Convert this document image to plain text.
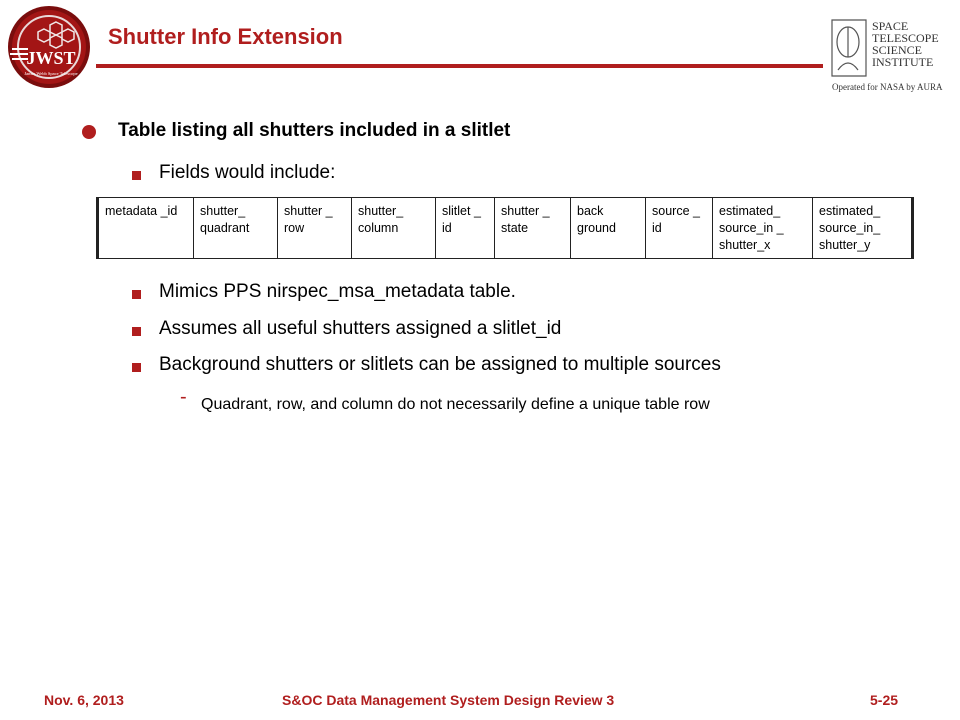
JWST
James Webb Space Telescope
Shutter Info Extension	SPACE
TELESCOPE
SCIENCE
INSTITUTE
Operated for NASA by AURA
Table listing all shutters included in a slitlet
Fields would include:
metadata _id	shutter_ quadrant	shutter _ row	shutter_ column	slitlet _ id	shutter _ state	back ground	source _ id	estimated_ source_in _ shutter_x	estimated_ source_in_ shutter_y
Mimics PPS nirspec_msa_metadata table.
Assumes all useful shutters assigned a slitlet_id
Background shutters or slitlets can be assigned to multiple sources
- Quadrant, row, and column do not necessarily define a unique table row
Nov. 6, 2013	S&OC Data Management System Design Review 3	5-25
